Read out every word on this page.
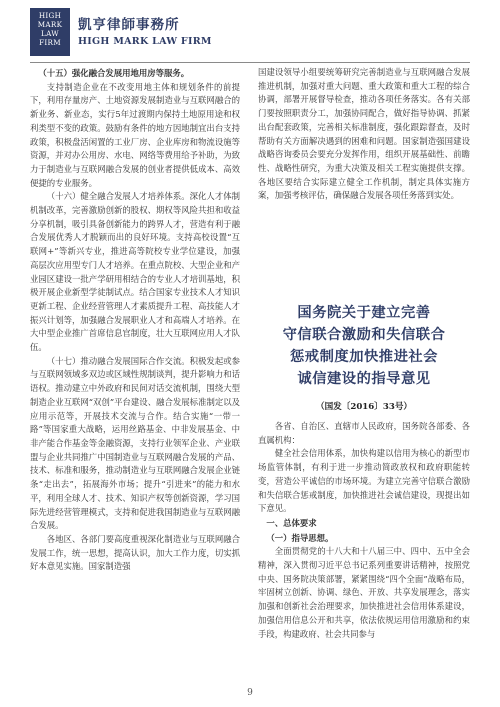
HIGH
MARK
LAW
FIRM
凱亨律師事務所
HIGH MARK LAW FIRM

（十五）强化融合发展用地用房等服务。

支持制造企业在不改变用地主体和规划条件的前提下，利用存量房产、土地资源发展制造业与互联网融合的新业务、新业态，实行5年过渡期内保持土地原用途和权利类型不变的政策。鼓励有条件的地方因地制宜出台支持政策，积极盘活闲置的工业厂房、企业库房和物流设施等资源，并对办公用房、水电、网络等费用给予补助，为致力于制造业与互联网融合发展的创业者提供低成本、高效便捷的专业服务。

（十六）健全融合发展人才培养体系。深化人才体制机制改革，完善激励创新的股权、期权等风险共担和收益分享机制，吸引具备创新能力的跨界人才，营造有利于融合发展优秀人才脱颖而出的良好环境。支持高校设置“互联网+”等新兴专业，推进高等院校专业学位建设，加强高层次应用型专门人才培养。在重点院校、大型企业和产业园区建设一批产学研用相结合的专业人才培训基地，积极开展企业新型学徒制试点。结合国家专业技术人才知识更新工程、企业经营管理人才素质提升工程、高技能人才振兴计划等，加强融合发展职业人才和高端人才培养。在大中型企业推广首席信息官制度，壮大互联网应用人才队伍。

（十七）推动融合发展国际合作交流。积极发起或参与互联网领域多双边或区域性规制谈判，提升影响力和话语权。推动建立中外政府和民间对话交流机制，围绕大型制造企业互联网“双创”平台建设、融合发展标准制定以及应用示范等，开展技术交流与合作。结合实施“一带一路”等国家重大战略，运用丝路基金、中非发展基金、中非产能合作基金等金融资源，支持行业领军企业、产业联盟与企业共同推广中国制造业与互联网融合发展的产品、技术、标准和服务，推动制造业与互联网融合发展企业链条“走出去”，拓展海外市场；提升“引进来”的能力和水平，利用全球人才、技术、知识产权等创新资源，学习国际先进经营管理模式，支持和促进我国制造业与互联网融合发展。

各地区、各部门要高度重视深化制造业与互联网融合发展工作，统一思想，提高认识，加大工作力度，切实抓好本意见实施。国家制造强

国建设领导小组要统筹研究完善制造业与互联网融合发展推进机制，加强对重大问题、重大政策和重大工程的综合协调，部署开展督导检查，推动各项任务落实。各有关部门要按照职责分工，加强协同配合，做好指导协调、抓紧出台配套政策，完善相关标准制度，强化跟踪督查，及时帮助有关方面解决遇到的困难和问题。国家制造强国建设战略咨询委员会要充分发挥作用，组织开展基础性、前瞻性、战略性研究，为重大决策及相关工程实施提供支撑。各地区要结合实际建立健全工作机制，制定具体实施方案，加强考核评估，确保融合发展各项任务落到实处。

国务院关于建立完善
守信联合激励和失信联合
惩戒制度加快推进社会
诚信建设的指导意见
（国发〔2016〕33号）

各省、自治区、直辖市人民政府，国务院各部委、各直属机构：

健全社会信用体系，加快构建以信用为核心的新型市场监管体制，有利于进一步推动简政放权和政府职能转变，营造公平诚信的市场环境。为建立完善守信联合激励和失信联合惩戒制度，加快推进社会诚信建设，现提出如下意见。

一、总体要求

（一）指导思想。

全面贯彻党的十八大和十八届三中、四中、五中全会精神，深入贯彻习近平总书记系列重要讲话精神，按照党中央、国务院决策部署，紧紧围绕“四个全面”战略布局，牢固树立创新、协调、绿色、开放、共享发展理念，落实加强和创新社会治理要求，加快推进社会信用体系建设，加强信用信息公开和共享，依法依规运用信用激励和约束手段，构建政府、社会共同参与

9
